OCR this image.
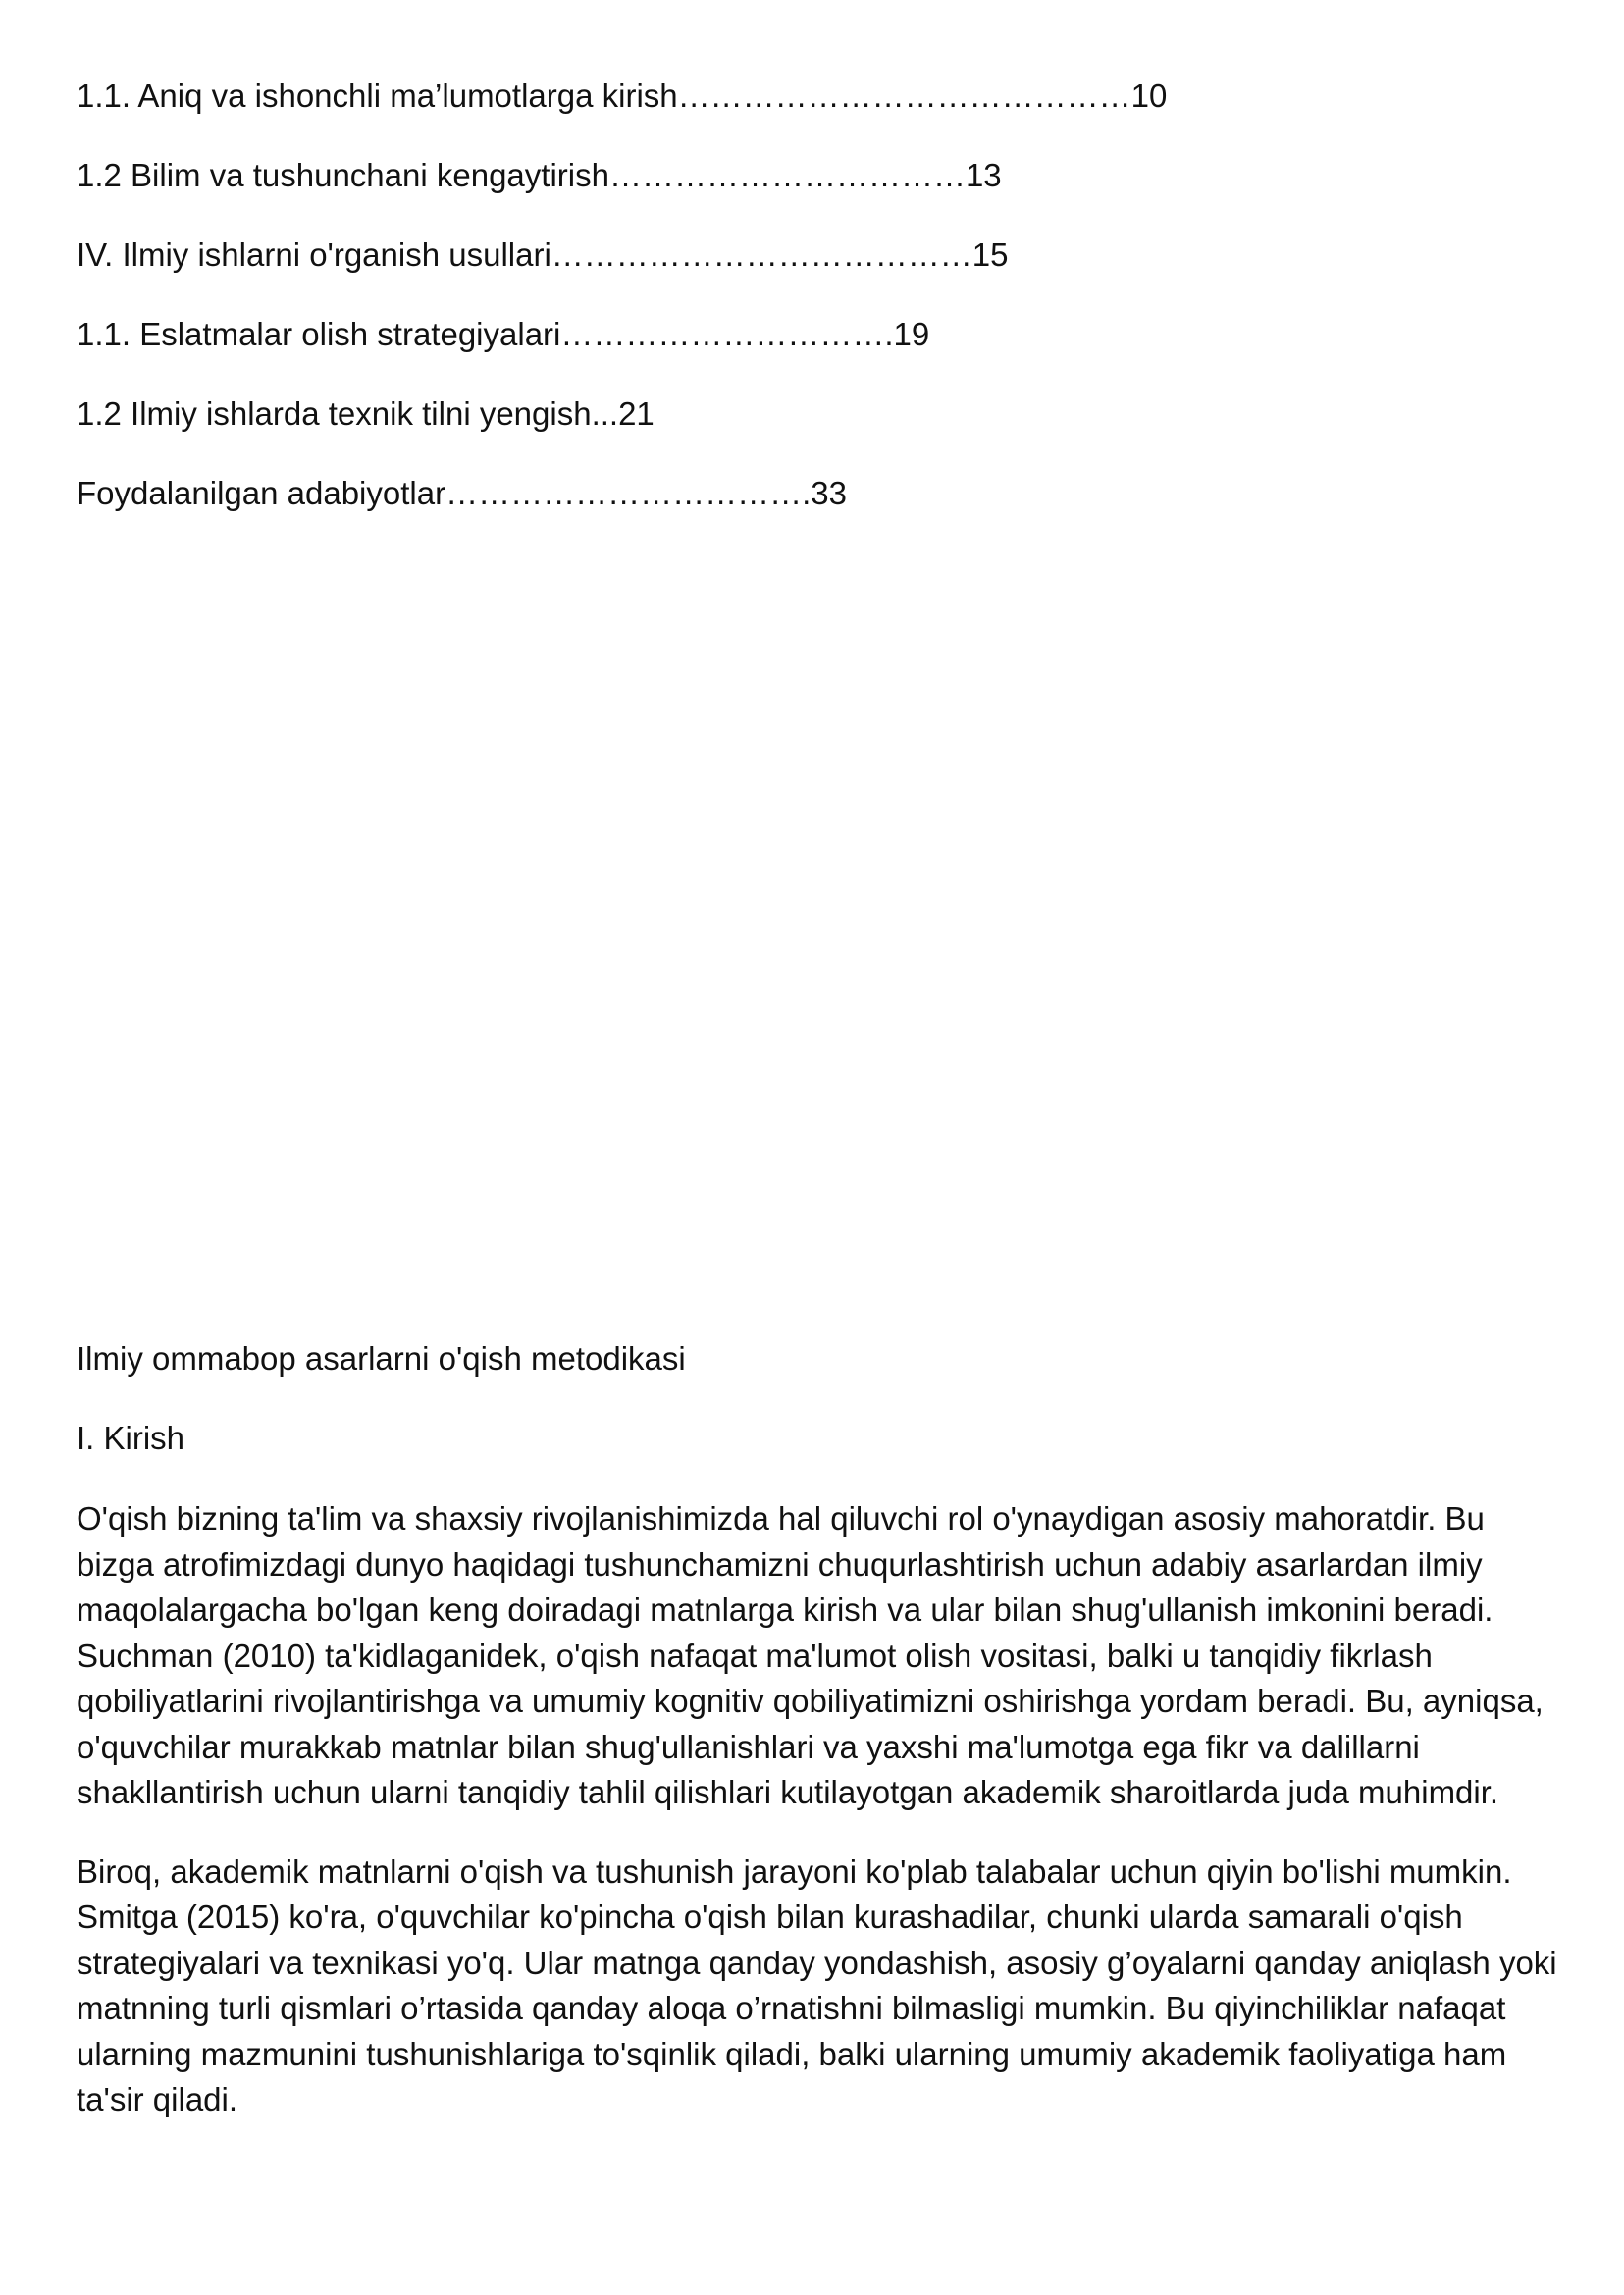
1.1. Aniq va ishonchli ma’lumotlarga kirish……………………………………10
1.2 Bilim va tushunchani kengaytirish……………………………13
IV. Ilmiy ishlarni o'rganish usullari…………………………………15
1.1. Eslatmalar olish strategiyalari………………………….19
1.2 Ilmiy ishlarda texnik tilni yengish...21
Foydalanilgan adabiyotlar…………………………….33
Ilmiy ommabop asarlarni o'qish metodikasi
I. Kirish

O'qish bizning ta'lim va shaxsiy rivojlanishimizda hal qiluvchi rol o'ynaydigan asosiy mahoratdir. Bu bizga atrofimizdagi dunyo haqidagi tushunchamizni chuqurlashtirish uchun adabiy asarlardan ilmiy maqolalargacha bo'lgan keng doiradagi matnlarga kirish va ular bilan shug'ullanish imkonini beradi. Suchman (2010) ta'kidlaganidek, o'qish nafaqat ma'lumot olish vositasi, balki u tanqidiy fikrlash qobiliyatlarini rivojlantirishga va umumiy kognitiv qobiliyatimizni oshirishga yordam beradi. Bu, ayniqsa, o'quvchilar murakkab matnlar bilan shug'ullanishlari va yaxshi ma'lumotga ega fikr va dalillarni shakllantirish uchun ularni tanqidiy tahlil qilishlari kutilayotgan akademik sharoitlarda juda muhimdir.

Biroq, akademik matnlarni o'qish va tushunish jarayoni ko'plab talabalar uchun qiyin bo'lishi mumkin. Smitga (2015) ko'ra, o'quvchilar ko'pincha o'qish bilan kurashadilar, chunki ularda samarali o'qish strategiyalari va texnikasi yo'q. Ular matnga qanday yondashish, asosiy g’oyalarni qanday aniqlash yoki matnning turli qismlari o’rtasida qanday aloqa o’rnatishni bilmasligi mumkin. Bu qiyinchiliklar nafaqat ularning mazmunini tushunishlariga to'sqinlik qiladi, balki ularning umumiy akademik faoliyatiga ham ta'sir qiladi.
